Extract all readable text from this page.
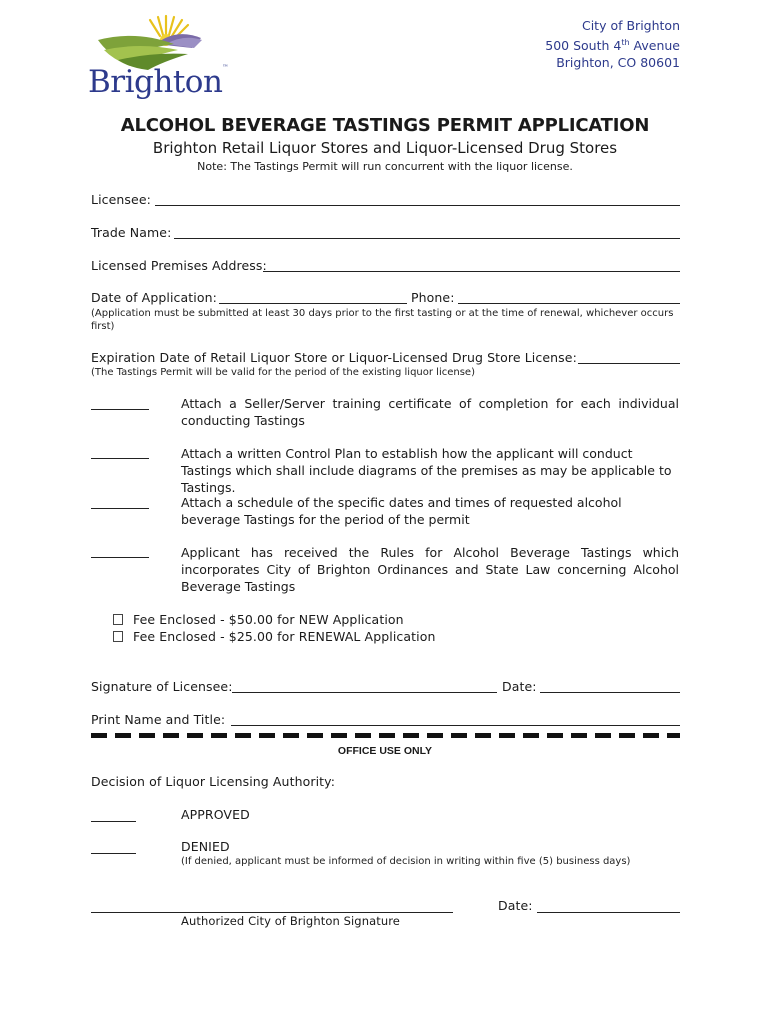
Brighton™
City of Brighton
500 South 4th Avenue
Brighton, CO 80601
ALCOHOL BEVERAGE TASTINGS PERMIT APPLICATION
Brighton Retail Liquor Stores and Liquor-Licensed Drug Stores
Note: The Tastings Permit will run concurrent with the liquor license.
Licensee:
Trade Name:
Licensed Premises Address:
Date of Application:	Phone:
(Application must be submitted at least 30 days prior to the first tasting or at the time of renewal, whichever occurs first)
Expiration Date of Retail Liquor Store or Liquor-Licensed Drug Store License:
(The Tastings Permit will be valid for the period of the existing liquor license)
Attach a Seller/Server training certificate of completion for each individual conducting Tastings
Attach a written Control Plan to establish how the applicant will conduct Tastings which shall include diagrams of the premises as may be applicable to Tastings.
Attach a schedule of the specific dates and times of requested alcohol beverage Tastings for the period of the permit
Applicant has received the Rules for Alcohol Beverage Tastings which incorporates City of Brighton Ordinances and State Law concerning Alcohol Beverage Tastings
Fee Enclosed - $50.00 for NEW Application
Fee Enclosed - $25.00 for RENEWAL Application
Signature of Licensee:	Date:
Print Name and Title:
OFFICE USE ONLY
Decision of Liquor Licensing Authority:
APPROVED
DENIED
(If denied, applicant must be informed of decision in writing within five (5) business days)
Authorized City of Brighton Signature
Date:
